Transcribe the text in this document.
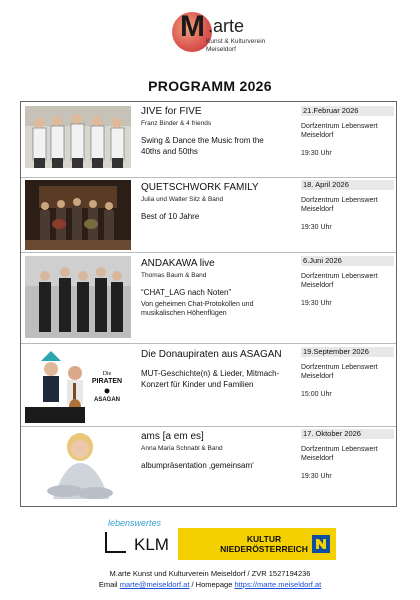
M .arte
Kunst & Kulturverein
Meiseldorf
PROGRAMM 2026
JIVE for FIVE
Franz Binder & 4 friends
Swing & Dance the Music from the 40ths and 50ths
21.Februar 2026
Dorfzentrum Lebenswert Meiseldorf
19:30 Uhr
QUETSCHWORK FAMILY
Julia und Walter Sitz & Band
Best of 10 Jahre
18. April 2026
Dorfzentrum Lebenswert Meiseldorf
19:30 Uhr
ANDAKAWA live
Thomas Baum & Band
“CHAT_LAG nach Noten”
Von geheimen Chat-Protokollen und musikalischen Höhenflügen
6.Juni 2026
Dorfzentrum Lebenswert Meiseldorf
19:30 Uhr
Die
PIRATEN
ASAGAN
Die Donaupiraten aus ASAGAN
MUT-Geschichte(n) & Lieder, Mitmach-Konzert für Kinder und Familien
19.September 2026
Dorfzentrum Lebenswert Meiseldorf
15:00 Uhr
ams [a em es]
Anna Maria Schnabl & Band
albumpräsentation ‚gemeinsam‘
17. Oktober 2026
Dorfzentrum Lebenswert Meiseldorf
19:30 Uhr
lebenswertes
KLM	KULTUR
NIEDERÖSTERREICH
M.arte Kunst und Kulturverein Meiseldorf / ZVR 1527194236
Email marte@meiseldorf.at / Homepage https://marte.meiseldorf.at
